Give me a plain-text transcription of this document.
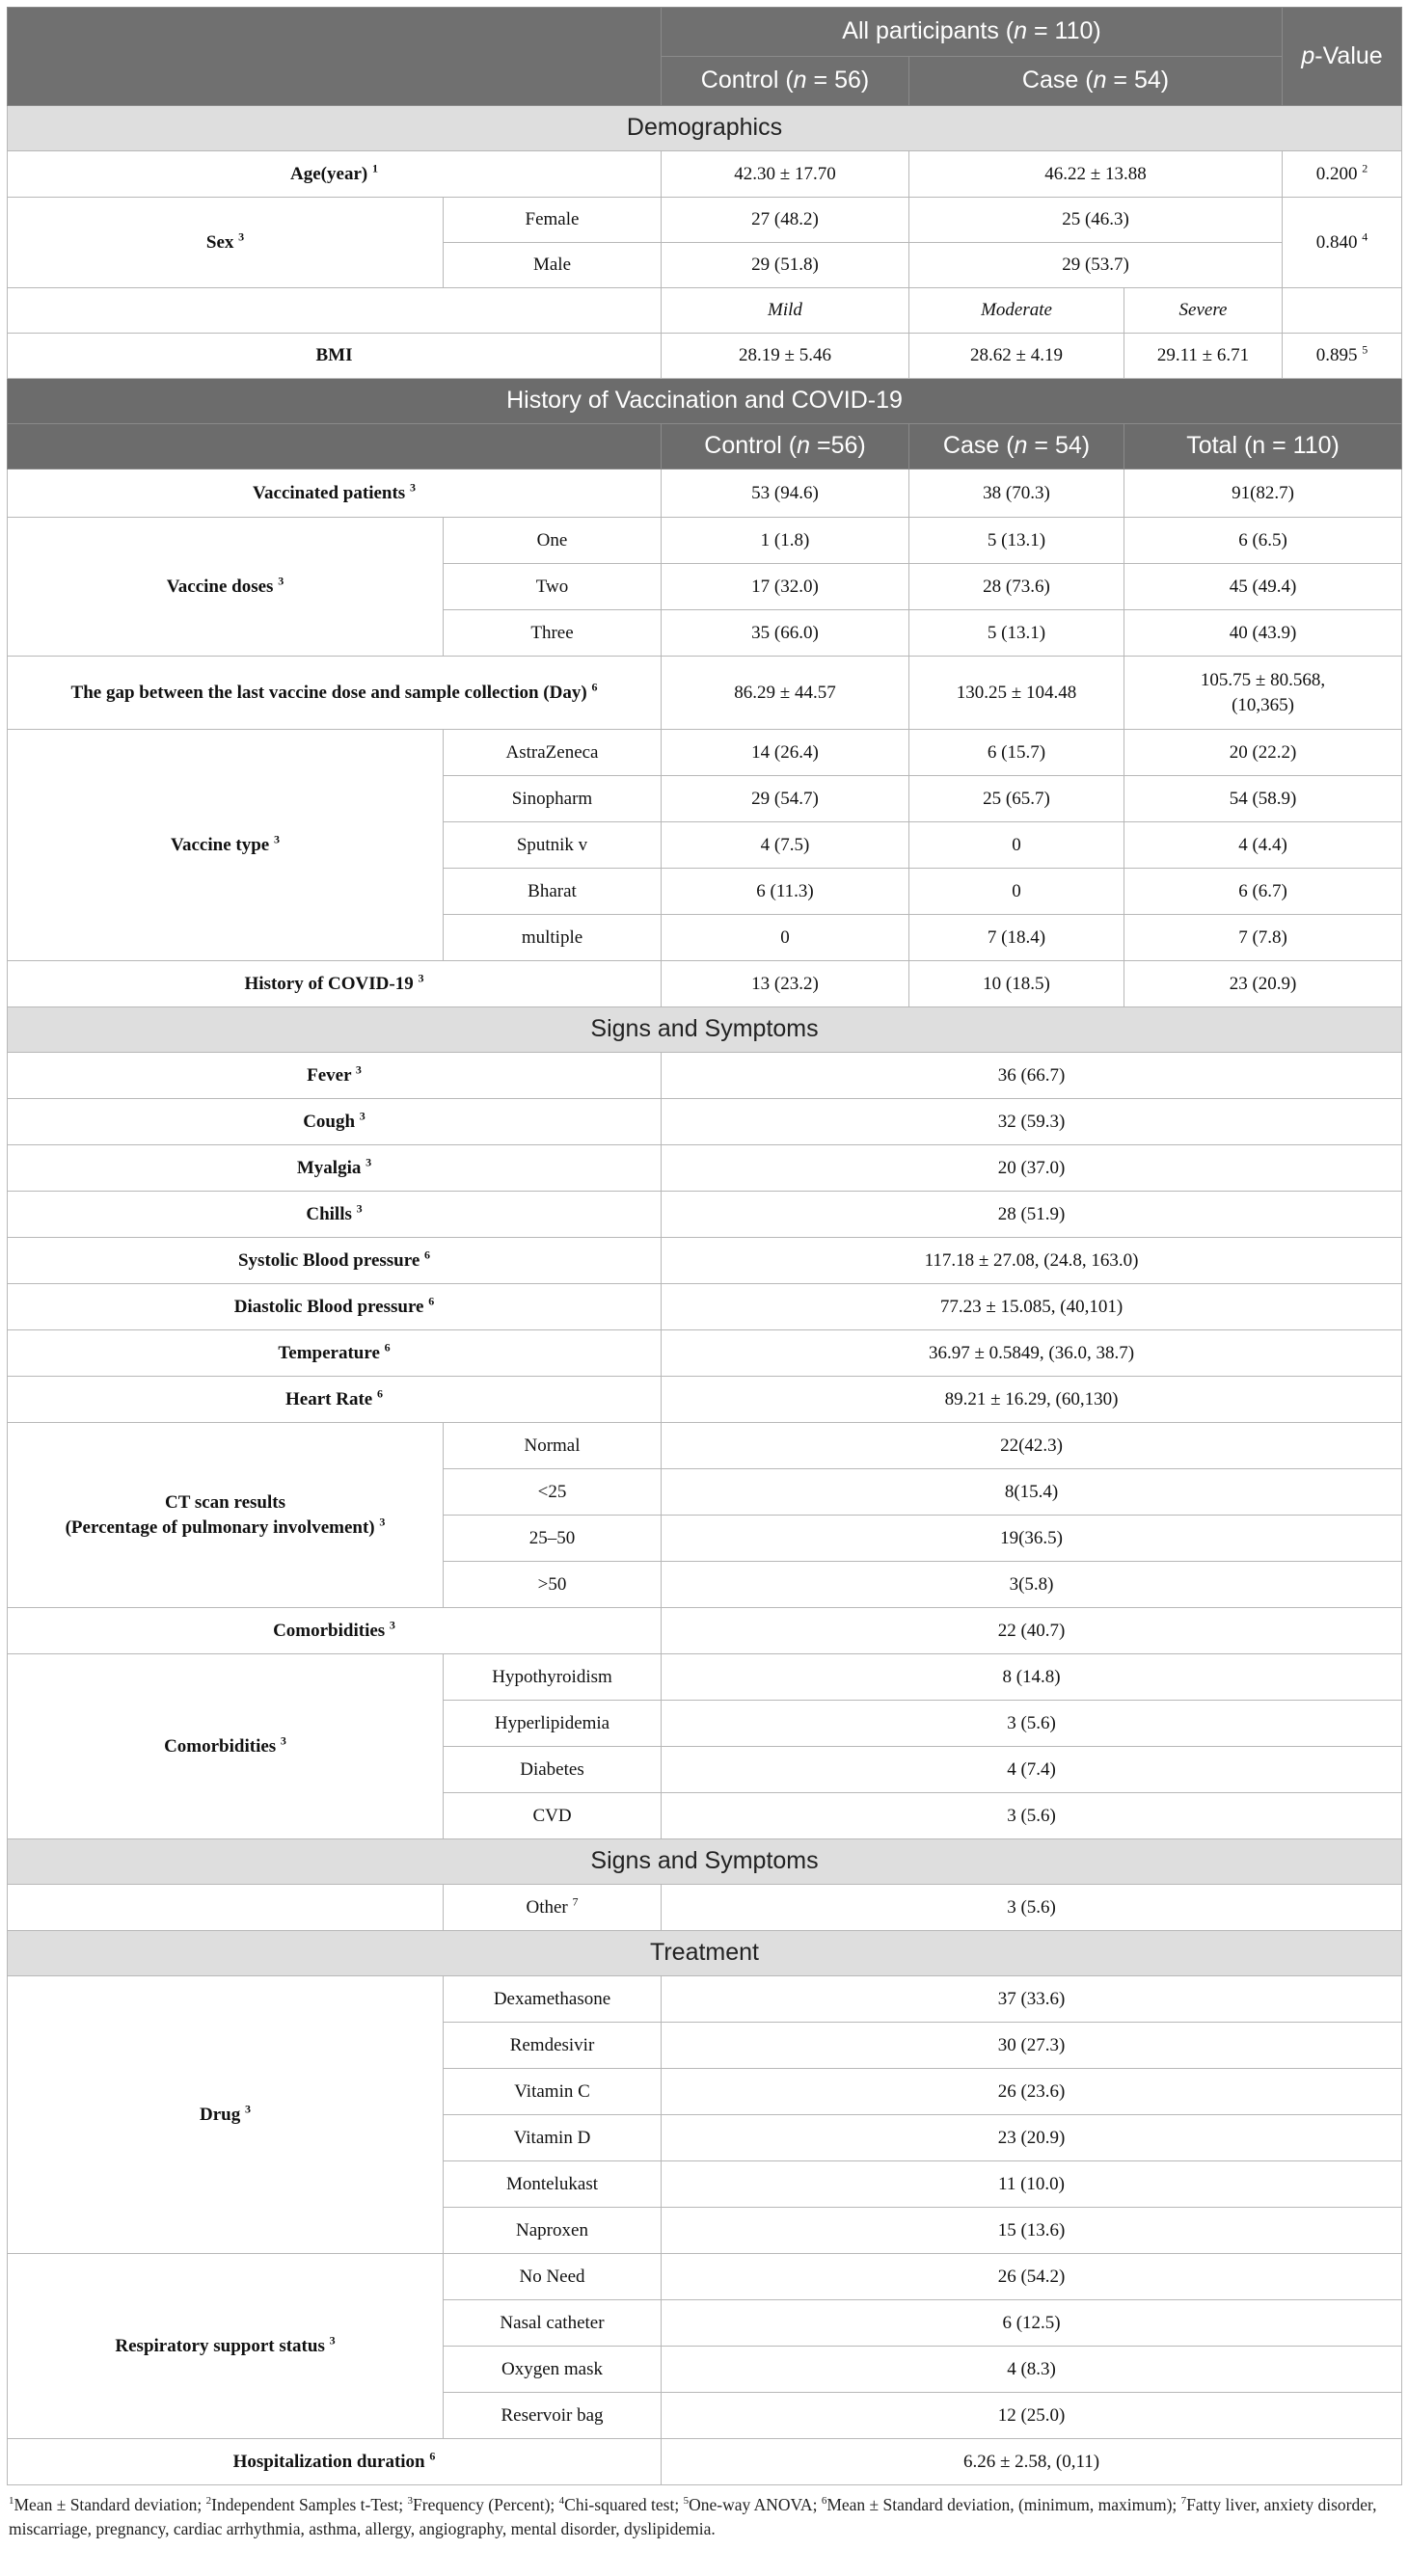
		All participants (n = 110)			p-Value
		Control (n = 56)	Case (n = 54)		
Demographics					
Age(year) $^1$		42.30 ± 17.70	46.22 ± 13.88		0.200 $^2$
Sex $^3$	Female	27 (48.2)	25 (46.3)		0.840 $^4$
	Male	29 (51.8)	29 (53.7)		
		Mild	Moderate	Severe	
BMI		28.19 ± 5.46	28.62 ± 4.19	29.11 ± 6.71	0.895 $^5$
History of Vaccination and COVID-19					
		Control (n =56)	Case (n = 54)	Total (n = 110)	
Vaccinated patients $^3$		53 (94.6)	38 (70.3)	91(82.7)	
Vaccine doses $^3$	One	1 (1.8)	5 (13.1)	6 (6.5)	
	Two	17 (32.0)	28 (73.6)	45 (49.4)	
	Three	35 (66.0)	5 (13.1)	40 (43.9)	
The gap between the last vaccine dose and sample collection (Day) $^6$		86.29 ± 44.57	130.25 ± 104.48	105.75 ± 80.568,
(10,365)	
Vaccine type $^3$	AstraZeneca	14 (26.4)	6 (15.7)	20 (22.2)	
	Sinopharm	29 (54.7)	25 (65.7)	54 (58.9)	
	Sputnik v	4 (7.5)	0	4 (4.4)	
	Bharat	6 (11.3)	0	6 (6.7)	
	multiple	0	7 (18.4)	7 (7.8)	
History of COVID-19 $^3$		13 (23.2)	10 (18.5)	23 (20.9)	
Signs and Symptoms					
Fever $^3$		36 (66.7)			
Cough $^3$		32 (59.3)			
Myalgia $^3$		20 (37.0)			
Chills $^3$		28 (51.9)			
Systolic Blood pressure $^6$		117.18 ± 27.08, (24.8, 163.0)			
Diastolic Blood pressure $^6$		77.23 ± 15.085, (40,101)			
Temperature $^6$		36.97 ± 0.5849, (36.0, 38.7)			
Heart Rate $^6$		89.21 ± 16.29, (60,130)			
CT scan results
(Percentage of pulmonary involvement) $^3$	Normal	22(42.3)			
	<25	8(15.4)			
	25–50	19(36.5)			
	>50	3(5.8)			
Comorbidities $^3$		22 (40.7)			
Comorbidities $^3$	Hypothyroidism	8 (14.8)			
	Hyperlipidemia	3 (5.6)			
	Diabetes	4 (7.4)			
	CVD	3 (5.6)			
Signs and Symptoms					
	Other $^7$	3 (5.6)			
Treatment					
Drug $^3$	Dexamethasone	37 (33.6)			
	Remdesivir	30 (27.3)			
	Vitamin C	26 (23.6)			
	Vitamin D	23 (20.9)			
	Montelukast	11 (10.0)			
	Naproxen	15 (13.6)			
Respiratory support status $^3$	No Need	26 (54.2)			
	Nasal catheter	6 (12.5)			
	Oxygen mask	4 (8.3)			
	Reservoir bag	12 (25.0)			
Hospitalization duration $^6$		6.26 ± 2.58, (0,11)			
$^1$Mean ± Standard deviation; $^2$Independent Samples t-Test; $^3$Frequency (Percent); $^4$Chi-squared test; $^5$One-way ANOVA; $^6$Mean ± Standard deviation, (minimum, maximum); $^7$Fatty liver, anxiety disorder, miscarriage, pregnancy, cardiac arrhythmia, asthma, allergy, angiography, mental disorder, dyslipidemia.
